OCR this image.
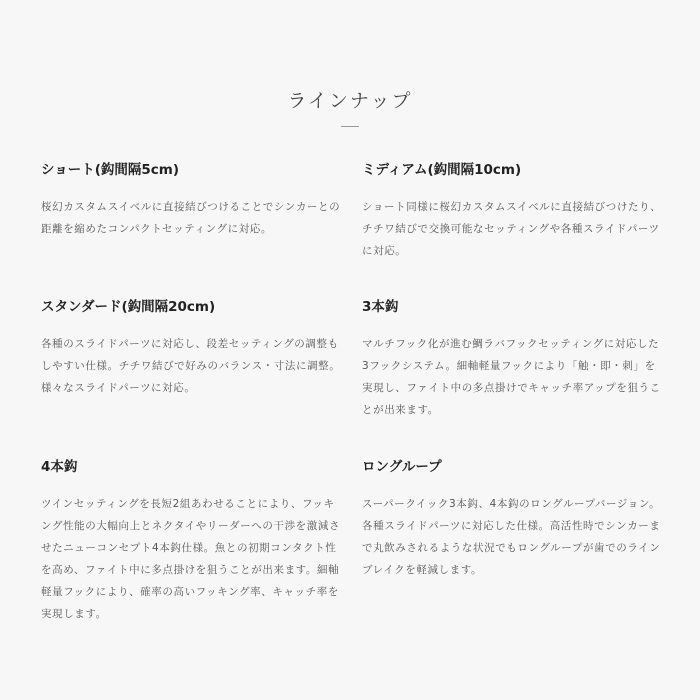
ラインナップ
ショート(鈎間隔5cm)

桜幻カスタムスイベルに直接結びつけることでシンカーとの距離を縮めたコンパクトセッティングに対応。

ミディアム(鈎間隔10cm)

ショート同様に桜幻カスタムスイベルに直接結びつけたり、チチワ結びで交換可能なセッティングや各種スライドパーツに対応。

スタンダード(鈎間隔20cm)

各種のスライドパーツに対応し、段差セッティングの調整もしやすい仕様。チチワ結びで好みのバランス・寸法に調整。様々なスライドパーツに対応。

3本鈎

マルチフック化が進む鯛ラバフックセッティングに対応した3フックシステム。細軸軽量フックにより「触・即・刺」を実現し、ファイト中の多点掛けでキャッチ率アップを狙うことが出来ます。

4本鈎

ツインセッティングを長短2組あわせることにより、フッキング性能の大幅向上とネクタイやリーダーへの干渉を激減させたニューコンセプト4本鈎仕様。魚との初期コンタクト性を高め、ファイト中に多点掛けを狙うことが出来ます。細軸軽量フックにより、確率の高いフッキング率、キャッチ率を実現します。

ロングループ

スーパークイック3本鈎、4本鈎のロングループバージョン。各種スライドパーツに対応した仕様。高活性時でシンカーまで丸飲みされるような状況でもロングループが歯でのラインブレイクを軽減します。
